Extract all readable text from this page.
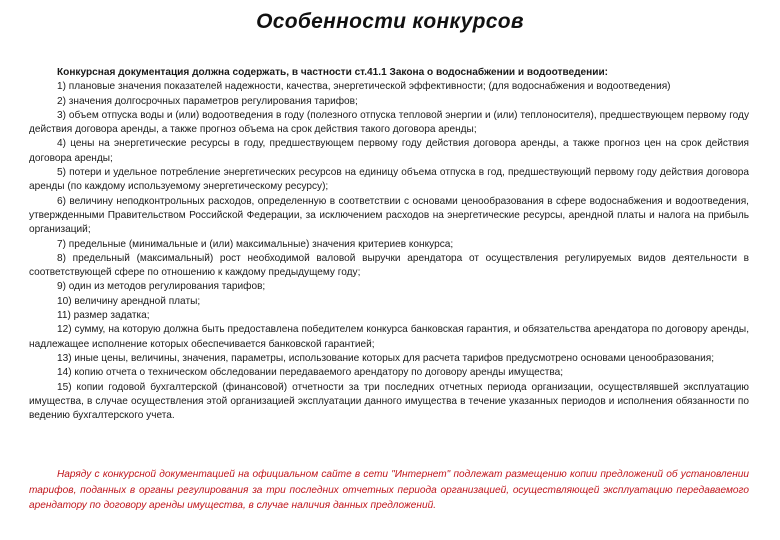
Особенности конкурсов

Конкурсная документация должна содержать, в частности ст.41.1 Закона о водоснабжении и водоотведении:

1) плановые значения показателей надежности, качества, энергетической эффективности; (для водоснабжения и водоотведения)

2) значения долгосрочных параметров регулирования тарифов;

3) объем отпуска воды и (или) водоотведения в году (полезного отпуска тепловой энергии и (или) теплоносителя), предшествующем первому году действия договора аренды, а также прогноз объема на срок действия такого договора аренды;

4) цены на энергетические ресурсы в году, предшествующем первому году действия договора аренды, а также прогноз цен на срок действия договора аренды;

5) потери и удельное потребление энергетических ресурсов на единицу объема отпуска в год, предшествующий первому году действия договора аренды (по каждому используемому энергетическому ресурсу);

6) величину неподконтрольных расходов, определенную в соответствии с основами ценообразования в сфере водоснабжения и водоотведения, утвержденными Правительством Российской Федерации, за исключением расходов на энергетические ресурсы, арендной платы и налога на прибыль организаций;

7) предельные (минимальные и (или) максимальные) значения критериев конкурса;

8) предельный (максимальный) рост необходимой валовой выручки арендатора от осуществления регулируемых видов деятельности в соответствующей сфере по отношению к каждому предыдущему году;

9) один из методов регулирования тарифов;

10) величину арендной платы;

11) размер задатка;

12) сумму, на которую должна быть предоставлена победителем конкурса банковская гарантия, и обязательства арендатора по договору аренды, надлежащее исполнение которых обеспечивается банковской гарантией;

13) иные цены, величины, значения, параметры, использование которых для расчета тарифов предусмотрено основами ценообразования;

14) копию отчета о техническом обследовании передаваемого арендатору по договору аренды имущества;

15) копии годовой бухгалтерской (финансовой) отчетности за три последних отчетных периода организации, осуществлявшей эксплуатацию имущества, в случае осуществления этой организацией эксплуатации данного имущества в течение указанных периодов и исполнения обязанности по ведению бухгалтерского учета.

Наряду с конкурсной документацией на официальном сайте в сети "Интернет" подлежат размещению копии предложений об установлении тарифов, поданных в органы регулирования за три последних отчетных периода организацией, осуществляющей эксплуатацию передаваемого арендатору по договору аренды имущества, в случае наличия данных предложений.
